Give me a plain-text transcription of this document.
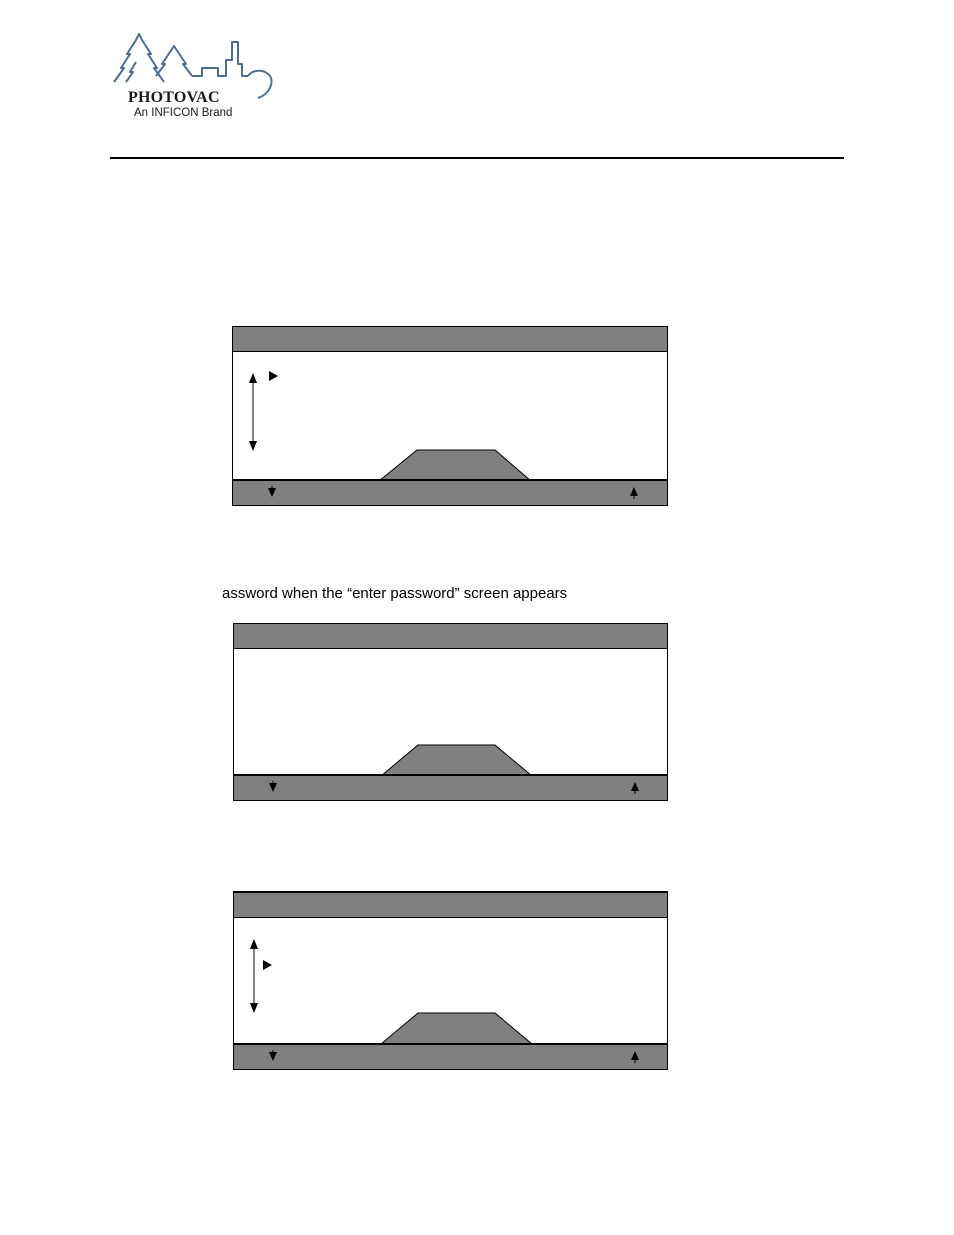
PHOTOVAC
An INFICON Brand
assword when the “enter password” screen appears
